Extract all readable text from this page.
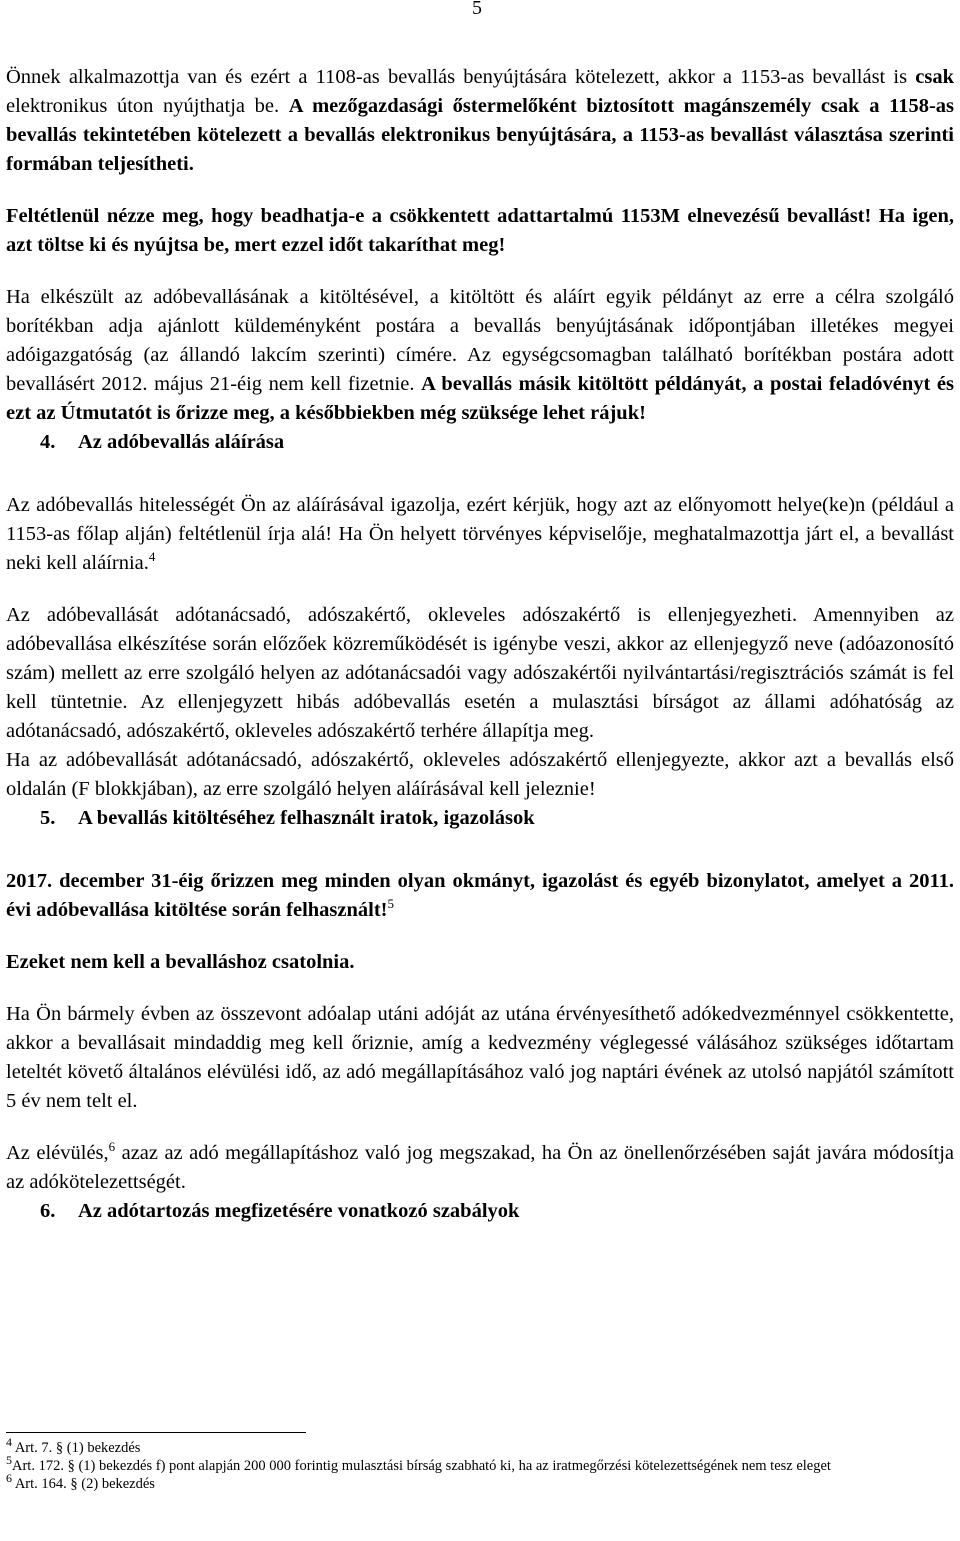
5

Önnek alkalmazottja van és ezért a 1108-as bevallás benyújtására kötelezett, akkor a 1153-as bevallást is csak elektronikus úton nyújthatja be. A mezőgazdasági őstermelőként biztosított magánszemély csak a 1158-as bevallás tekintetében kötelezett a bevallás elektronikus benyújtására, a 1153-as bevallást választása szerinti formában teljesítheti.

Feltétlenül nézze meg, hogy beadhatja-e a csökkentett adattartalmú 1153M elnevezésű bevallást! Ha igen, azt töltse ki és nyújtsa be, mert ezzel időt takaríthat meg!

Ha elkészült az adóbevallásának a kitöltésével, a kitöltött és aláírt egyik példányt az erre a célra szolgáló borítékban adja ajánlott küldeményként postára a bevallás benyújtásának időpontjában illetékes megyei adóigazgatóság (az állandó lakcím szerinti) címére. Az egységcsomagban található borítékban postára adott bevallásért 2012. május 21-éig nem kell fizetnie. A bevallás másik kitöltött példányát, a postai feladóvényt és ezt az Útmutatót is őrizze meg, a későbbiekben még szüksége lehet rájuk!

4. Az adóbevallás aláírása

Az adóbevallás hitelességét Ön az aláírásával igazolja, ezért kérjük, hogy azt az előnyomott helye(ke)n (például a 1153-as főlap alján) feltétlenül írja alá! Ha Ön helyett törvényes képviselője, meghatalmazottja járt el, a bevallást neki kell aláírnia.$^4$

Az adóbevallását adótanácsadó, adószakértő, okleveles adószakértő is ellenjegyezheti. Amennyiben az adóbevallása elkészítése során előzőek közreműködését is igénybe veszi, akkor az ellenjegyző neve (adóazonosító szám) mellett az erre szolgáló helyen az adótanácsadói vagy adószakértői nyilvántartási/regisztrációs számát is fel kell tüntetnie. Az ellenjegyzett hibás adóbevallás esetén a mulasztási bírságot az állami adóhatóság az adótanácsadó, adószakértő, okleveles adószakértő terhére állapítja meg.

Ha az adóbevallását adótanácsadó, adószakértő, okleveles adószakértő ellenjegyezte, akkor azt a bevallás első oldalán (F blokkjában), az erre szolgáló helyen aláírásával kell jeleznie!

5. A bevallás kitöltéséhez felhasznált iratok, igazolások

2017. december 31-éig őrizzen meg minden olyan okmányt, igazolást és egyéb bizonylatot, amelyet a 2011. évi adóbevallása kitöltése során felhasznált!$^5$

Ezeket nem kell a bevalláshoz csatolnia.

Ha Ön bármely évben az összevont adóalap utáni adóját az utána érvényesíthető adókedvezménnyel csökkentette, akkor a bevallásait mindaddig meg kell őriznie, amíg a kedvezmény véglegessé válásához szükséges időtartam leteltét követő általános elévülési idő, az adó megállapításához való jog naptári évének az utolsó napjától számított 5 év nem telt el.

Az elévülés,$^6$ azaz az adó megállapításhoz való jog megszakad, ha Ön az önellenőrzésében saját javára módosítja az adókötelezettségét.

6. Az adótartozás megfizetésére vonatkozó szabályok

$^4$ Art. 7. § (1) bekezdés

$^5$Art. 172. § (1) bekezdés f) pont alapján 200 000 forintig mulasztási bírság szabható ki, ha az iratmegőrzési kötelezettségének nem tesz eleget

$^6$ Art. 164. § (2) bekezdés
